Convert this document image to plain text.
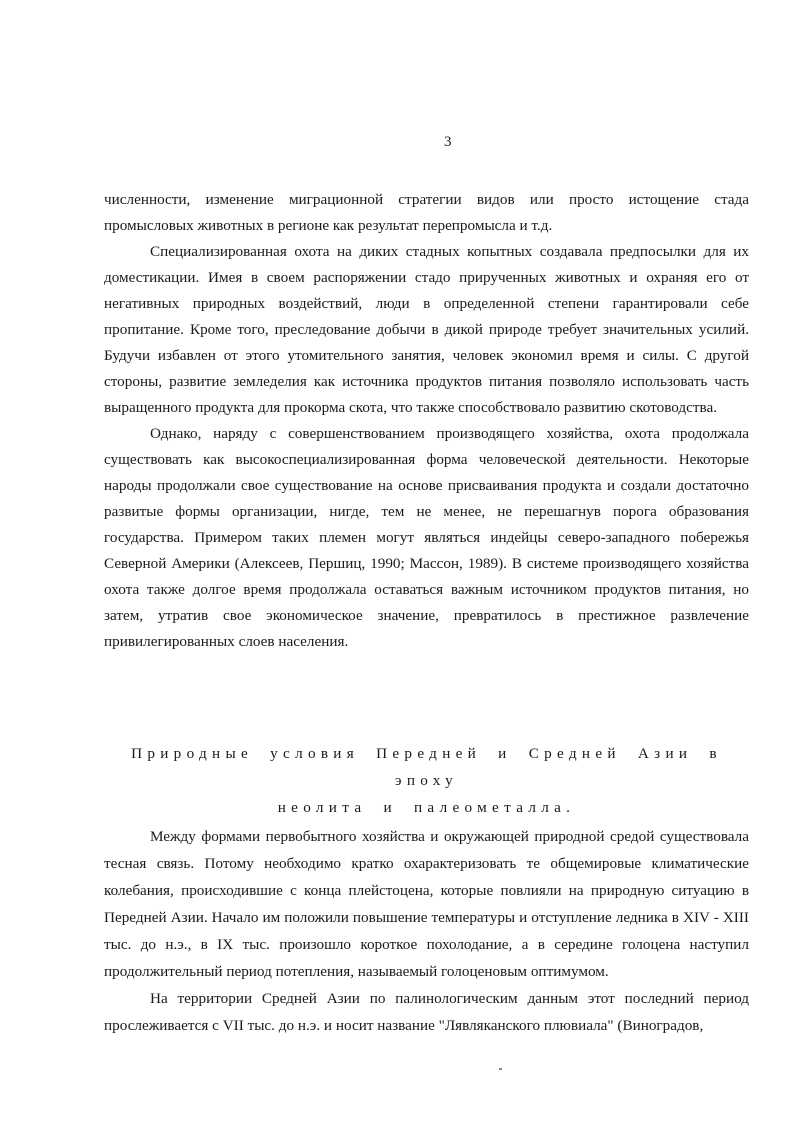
3

численности, изменение миграционной стратегии видов или просто истощение стада промысловых животных в регионе как результат перепромысла и т.д.

Специализированная охота на диких стадных копытных создавала предпосылки для их доместикации. Имея в своем распоряжении стадо прирученных животных и охраняя его от негативных природных воздействий, люди в определенной степени гарантировали себе пропитание. Кроме того, преследование добычи в дикой природе требует значительных усилий. Будучи избавлен от этого утомительного занятия, человек экономил время и силы. С другой стороны, развитие земледелия как источника продуктов питания позволяло использовать часть выращенного продукта для прокорма скота, что также способствовало развитию скотоводства.

Однако, наряду с совершенствованием производящего хозяйства, охота продолжала существовать как высокоспециализированная форма человеческой деятельности. Некоторые народы продолжали свое существование на основе присваивания продукта и создали достаточно развитые формы организации, нигде, тем не менее, не перешагнув порога образования государства. Примером таких племен могут являться индейцы северо-западного побережья Северной Америки (Алексеев, Першиц, 1990; Массон, 1989). В системе производящего хозяйства охота также долгое время продолжала оставаться важным источником продуктов питания, но затем, утратив свое экономическое значение, превратилось в престижное развлечение привилегированных слоев населения.

Природные условия Передней и Средней Азии в эпоху
неолита и палеометалла.

Между формами первобытного хозяйства и окружающей природной средой существовала тесная связь. Потому необходимо кратко охарактеризовать те общемировые климатические колебания, происходившие с конца плейстоцена, которые повлияли на природную ситуацию в Передней Азии. Начало им положили повышение температуры и отступление ледника в XIV - XIII тыс. до н.э., в IX тыс. произошло короткое похолодание, а в середине голоцена наступил продолжительный период потепления, называемый голоценовым оптимумом.

На территории Средней Азии по палинологическим данным этот последний период прослеживается с VII тыс. до н.э. и носит название "Лявляканского плювиала" (Виноградов,
